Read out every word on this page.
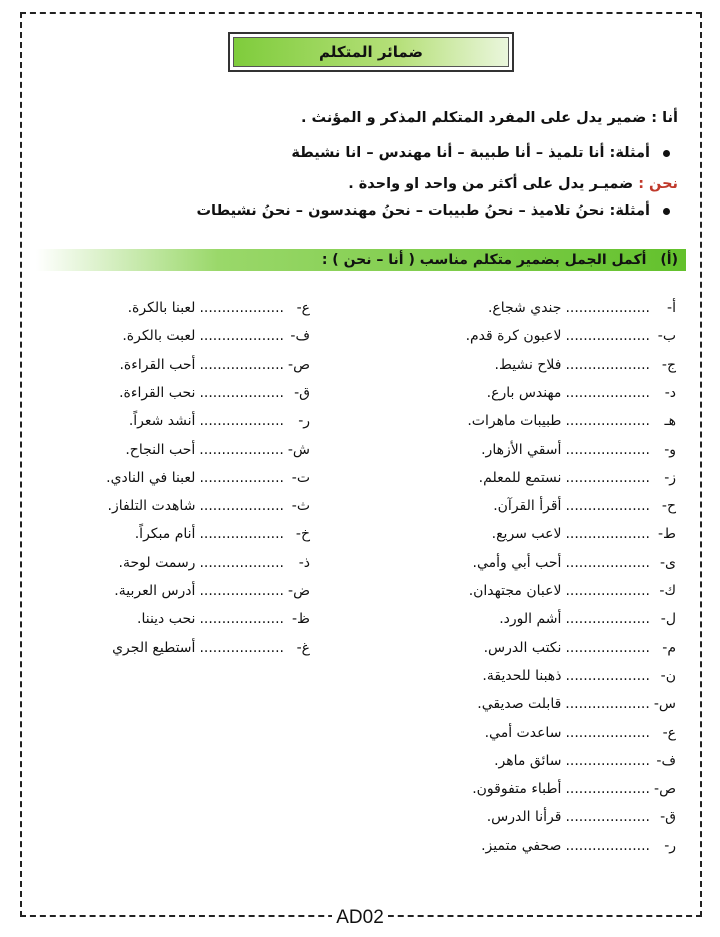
ضمائر المتكلم
أنا : ضمير يدل على المفرد المتكلم المذكر و المؤنث .
أمثلة: أنا تلميذ – أنا طبيبة – أنا مهندس – انا نشيطة
نحن : ضميـر يدل على أكثر من واحد او واحدة .
أمثلة: نحنُ تلاميذ – نحنُ طبيبات – نحنُ مهندسون – نحنُ نشيطات
(أ)
أكمل الجمل بضمير متكلم مناسب ( أنا – نحن ) :
أ-...................جندي شجاع.
ب-...................لاعبون كرة قدم.
ج-...................فلاح نشيط.
د-...................مهندس بارع.
هـ...................طبيبات ماهرات.
و-...................أسقي الأزهار.
ز-...................نستمع للمعلم.
ح-...................أقرأ القرآن.
ط-...................لاعب سريع.
ى-...................أحب أبي وأمي.
ك-...................لاعبان مجتهدان.
ل-...................أشم الورد.
م-...................نكتب الدرس.
ن-...................ذهبنا للحديقة.
س-...................قابلت صديقي.
ع-...................ساعدت أمي.
ف-...................سائق ماهر.
ص-...................أطباء متفوقون.
ق-...................قرأنا الدرس.
ر-...................صحفي متميز.
ع-...................لعبنا بالكرة.
ف-...................لعبت بالكرة.
ص-...................أحب القراءة.
ق-...................نحب القراءة.
ر-...................أنشد شعراً.
ش-...................أحب النجاح.
ت-...................لعبنا في النادي.
ث-...................شاهدت التلفاز.
خ-...................أنام مبكراً.
ذ-...................رسمت لوحة.
ض-...................أدرس العربية.
ظ-...................نحب ديننا.
غ-...................أستطيع الجري
AD02
